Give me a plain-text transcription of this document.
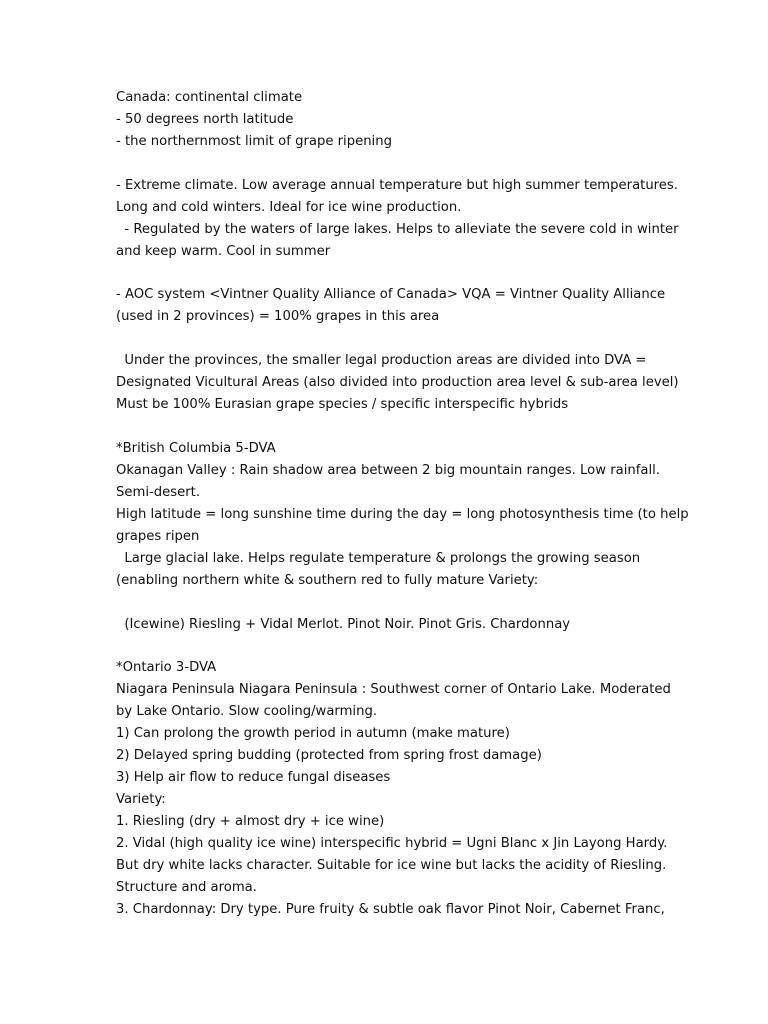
Canada: continental climate
- 50 degrees north latitude
- the northernmost limit of grape ripening
- Extreme climate. Low average annual temperature but high summer temperatures.
Long and cold winters. Ideal for ice wine production.
- Regulated by the waters of large lakes. Helps to alleviate the severe cold in winter
and keep warm. Cool in summer
- AOC system <Vintner Quality Alliance of Canada> VQA = Vintner Quality Alliance
(used in 2 provinces) = 100% grapes in this area
Under the provinces, the smaller legal production areas are divided into DVA =
Designated Vicultural Areas (also divided into production area level & sub-area level)
Must be 100% Eurasian grape species / specific interspecific hybrids
*British Columbia 5-DVA
Okanagan Valley : Rain shadow area between 2 big mountain ranges. Low rainfall.
Semi-desert.
High latitude = long sunshine time during the day = long photosynthesis time (to help
grapes ripen
Large glacial lake. Helps regulate temperature & prolongs the growing season
(enabling northern white & southern red to fully mature Variety:
(Icewine) Riesling + Vidal Merlot. Pinot Noir. Pinot Gris. Chardonnay
*Ontario 3-DVA
Niagara Peninsula Niagara Peninsula : Southwest corner of Ontario Lake. Moderated
by Lake Ontario. Slow cooling/warming.
1) Can prolong the growth period in autumn (make mature)
2) Delayed spring budding (protected from spring frost damage)
3) Help air flow to reduce fungal diseases
Variety:
1. Riesling (dry + almost dry + ice wine)
2. Vidal (high quality ice wine) interspecific hybrid = Ugni Blanc x Jin Layong Hardy.
But dry white lacks character. Suitable for ice wine but lacks the acidity of Riesling.
Structure and aroma.
3. Chardonnay: Dry type. Pure fruity & subtle oak flavor Pinot Noir, Cabernet Franc,
